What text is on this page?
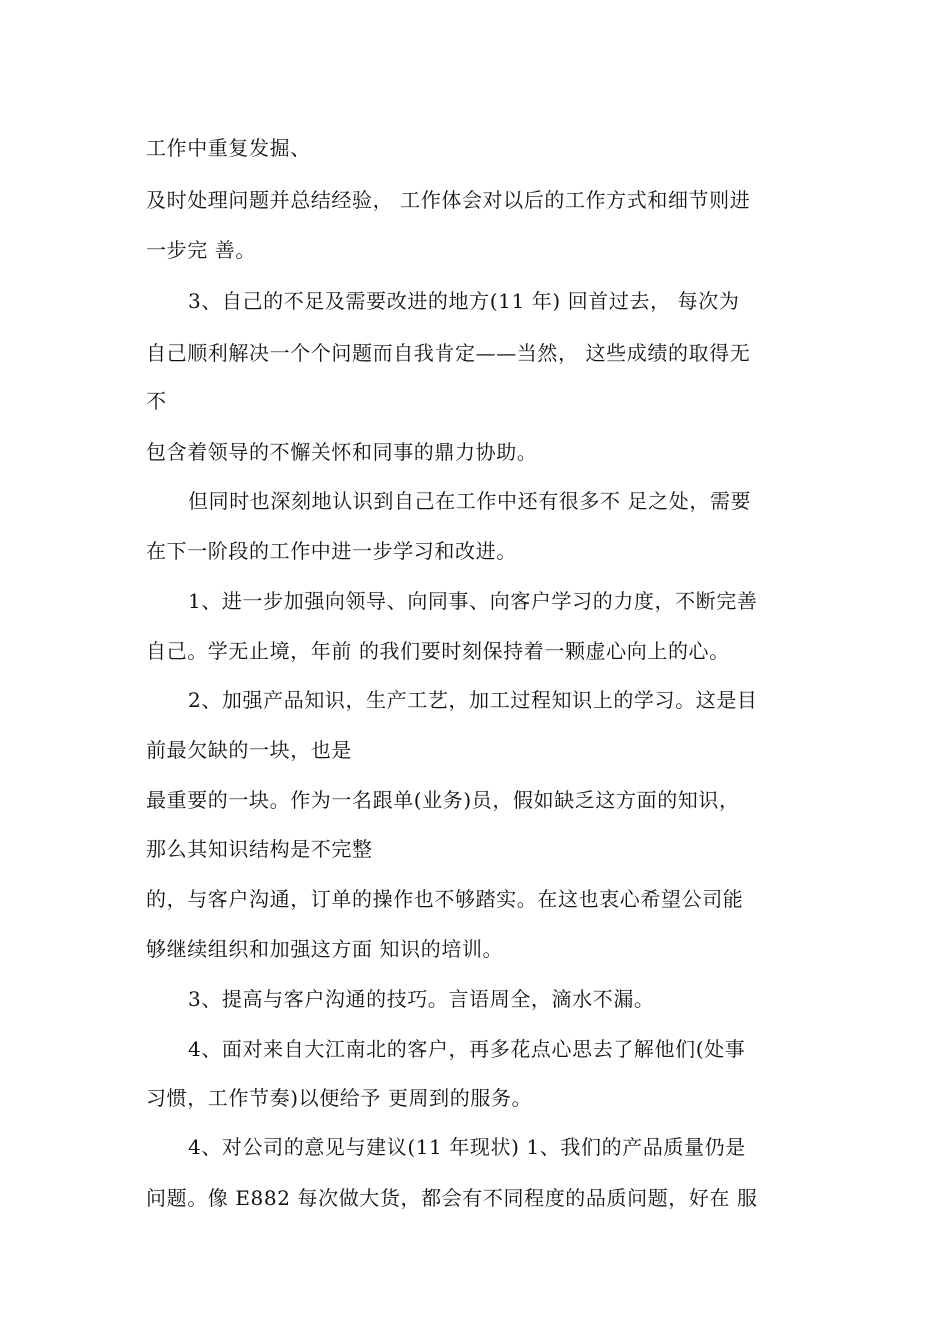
工作中重复发掘、
及时处理问题并总结经验， 工作体会对以后的工作方式和细节则进
一步完 善。
3、自己的不足及需要改进的地方(11 年) 回首过去， 每次为
自己顺利解决一个个问题而自我肯定——当然， 这些成绩的取得无
不
包含着领导的不懈关怀和同事的鼎力协助。
但同时也深刻地认识到自己在工作中还有很多不 足之处，需要
在下一阶段的工作中进一步学习和改进。
1、进一步加强向领导、向同事、向客户学习的力度，不断完善
自己。学无止境，年前 的我们要时刻保持着一颗虚心向上的心。
2、加强产品知识，生产工艺，加工过程知识上的学习。这是目
前最欠缺的一块，也是
最重要的一块。作为一名跟单(业务)员，假如缺乏这方面的知识，
那么其知识结构是不完整
的，与客户沟通，订单的操作也不够踏实。在这也衷心希望公司能
够继续组织和加强这方面 知识的培训。
3、提高与客户沟通的技巧。言语周全，滴水不漏。
4、面对来自大江南北的客户，再多花点心思去了解他们(处事
习惯，工作节奏)以便给予 更周到的服务。
4、对公司的意见与建议(11 年现状) 1、我们的产品质量仍是
问题。像 E882 每次做大货，都会有不同程度的品质问题，好在 服
